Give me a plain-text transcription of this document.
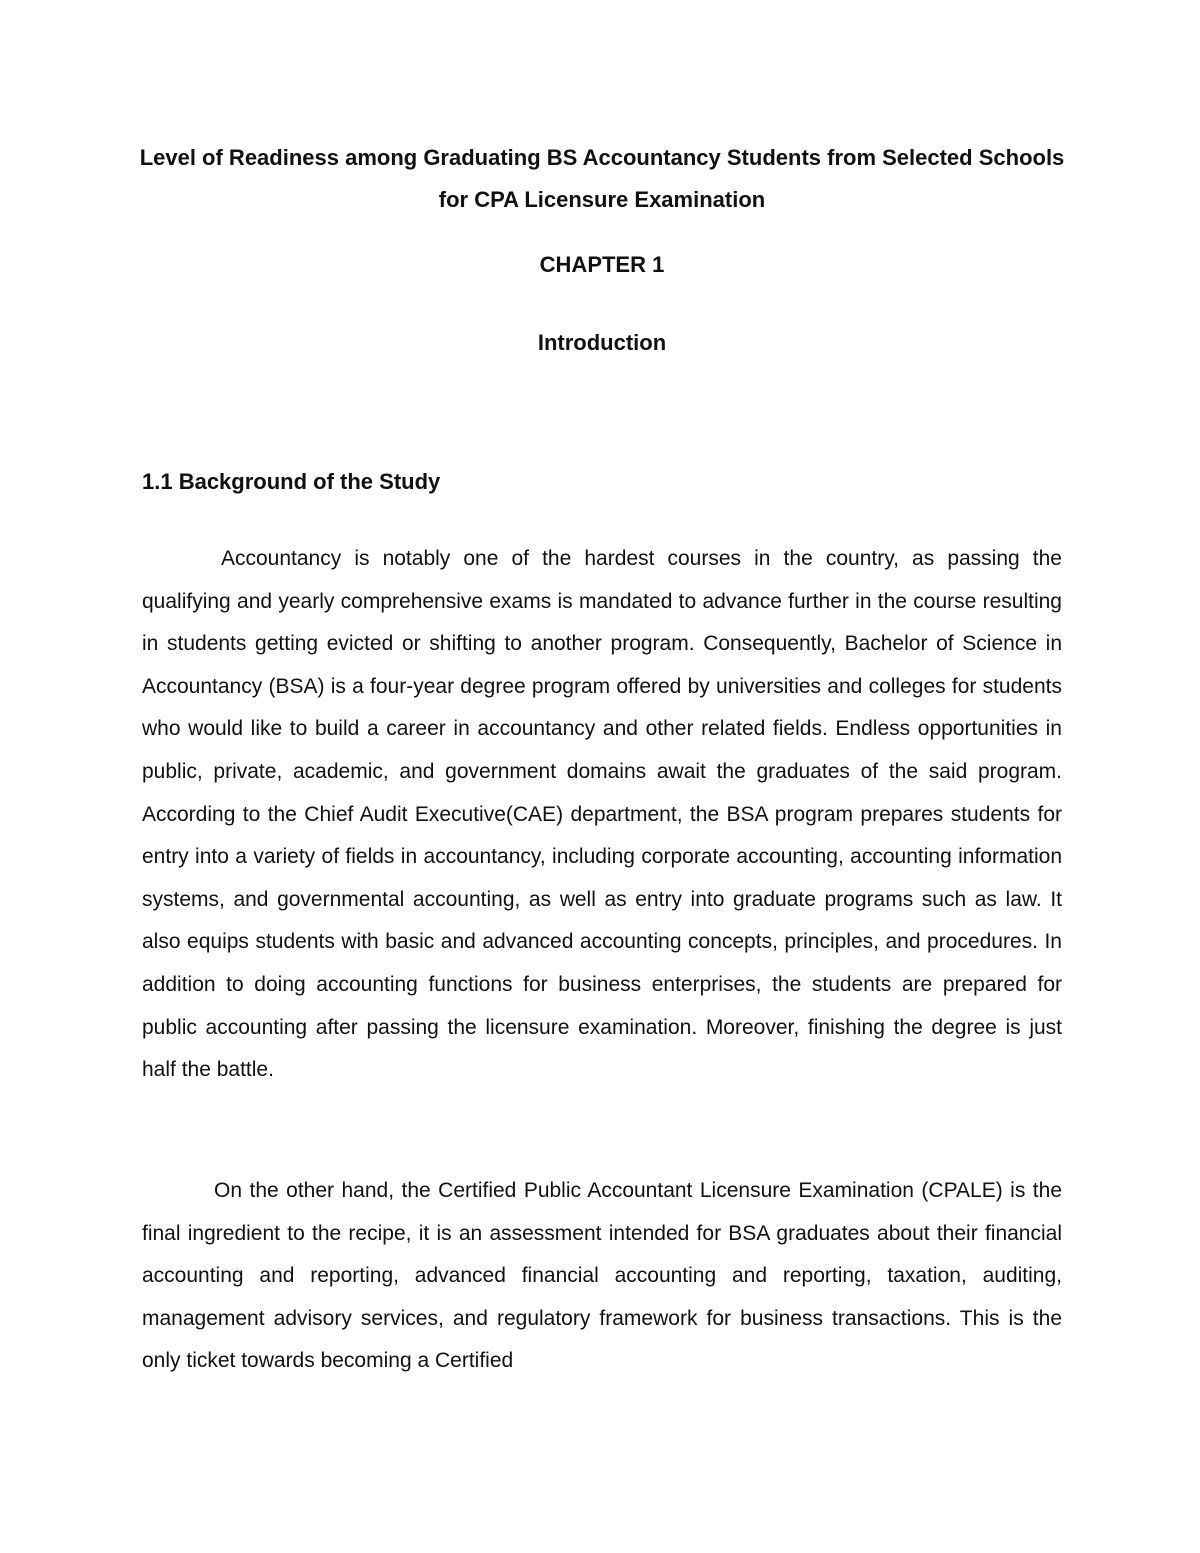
Level of Readiness among Graduating BS Accountancy Students from Selected Schools for CPA Licensure Examination
CHAPTER 1
Introduction
1.1 Background of the Study

Accountancy is notably one of the hardest courses in the country, as passing the qualifying and yearly comprehensive exams is mandated to advance further in the course resulting in students getting evicted or shifting to another program. Consequently, Bachelor of Science in Accountancy (BSA) is a four-year degree program offered by universities and colleges for students who would like to build a career in accountancy and other related fields. Endless opportunities in public, private, academic, and government domains await the graduates of the said program. According to the Chief Audit Executive(CAE) department, the BSA program prepares students for entry into a variety of fields in accountancy, including corporate accounting, accounting information systems, and governmental accounting, as well as entry into graduate programs such as law. It also equips students with basic and advanced accounting concepts, principles, and procedures. In addition to doing accounting functions for business enterprises, the students are prepared for public accounting after passing the licensure examination. Moreover, finishing the degree is just half the battle.

On the other hand, the Certified Public Accountant Licensure Examination (CPALE) is the final ingredient to the recipe, it is an assessment intended for BSA graduates about their financial accounting and reporting, advanced financial accounting and reporting, taxation, auditing, management advisory services, and regulatory framework for business transactions. This is the only ticket towards becoming a Certified
